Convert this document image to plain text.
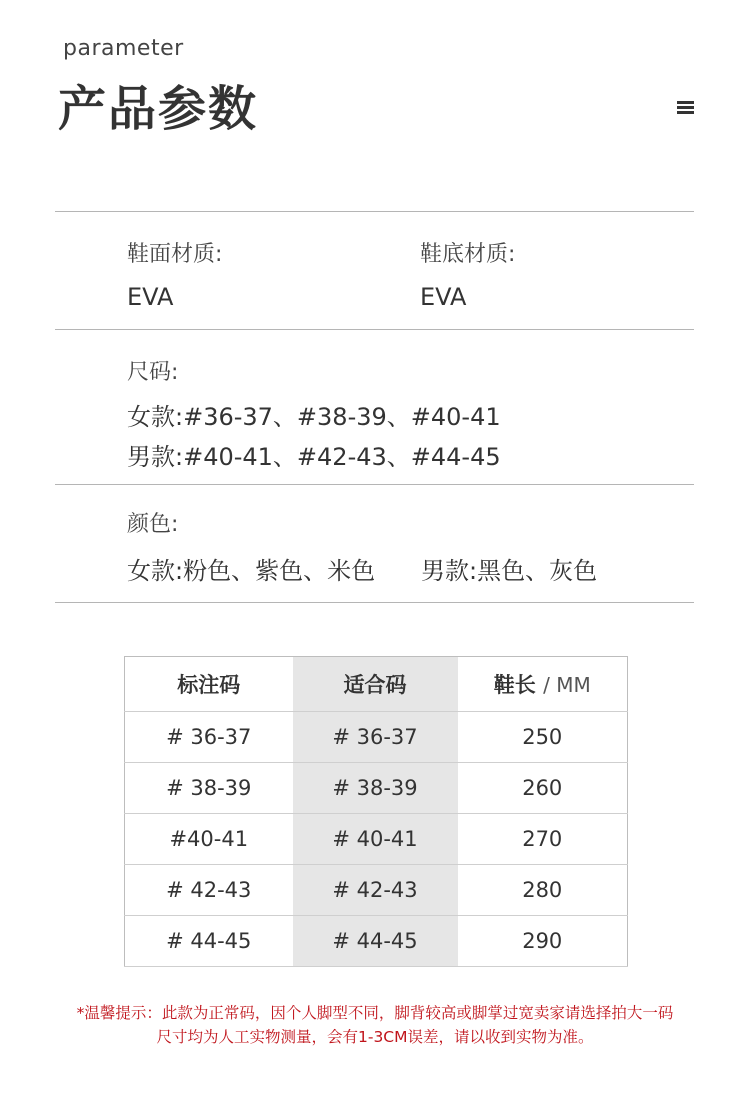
parameter
产品参数
鞋面材质:
EVA
鞋底材质:
EVA
尺码:
女款:#36-37、#38-39、#40-41
男款:#40-41、#42-43、#44-45
颜色:
女款:粉色、紫色、米色 男款:黑色、灰色
标注码	适合码	鞋长 / MM
# 36-37	# 36-37	250
# 38-39	# 38-39	260
#40-41	# 40-41	270
# 42-43	# 42-43	280
# 44-45	# 44-45	290
*温馨提示：此款为正常码，因个人脚型不同，脚背较高或脚掌过宽卖家请选择拍大一码
尺寸均为人工实物测量，会有1-3CM误差，请以收到实物为准。
